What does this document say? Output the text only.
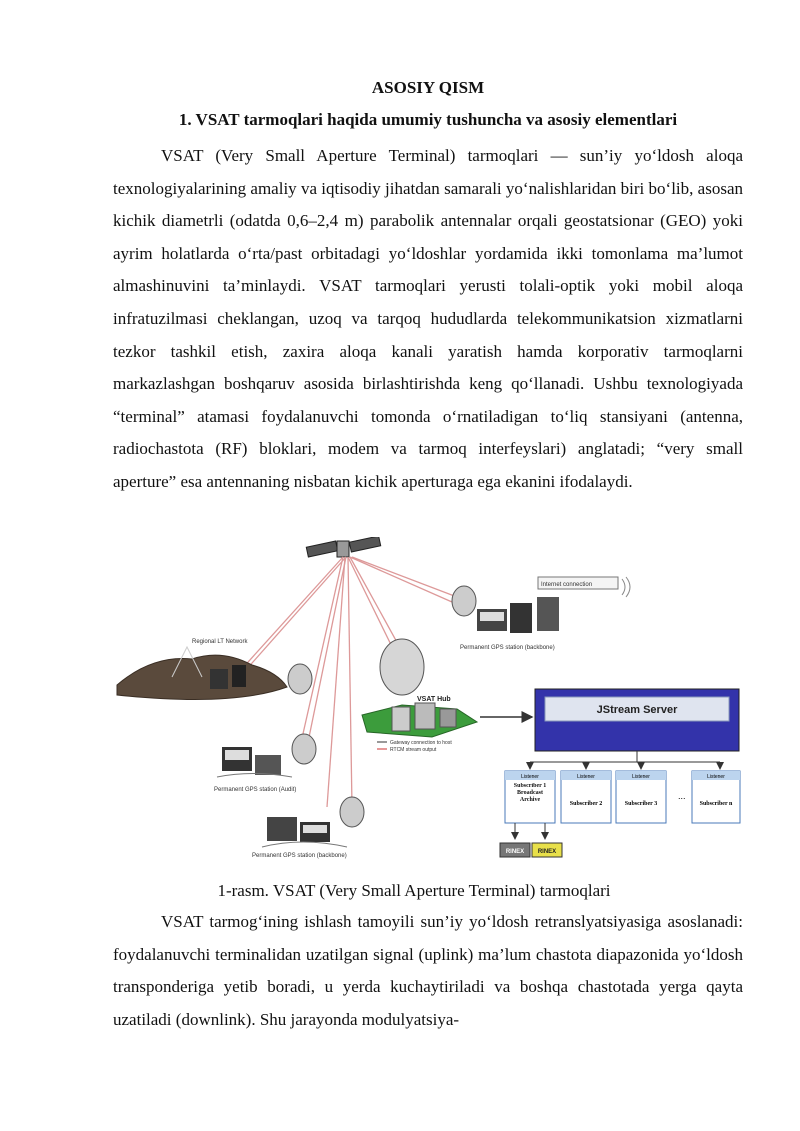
ASOSIY QISM
1. VSAT tarmoqlari haqida umumiy tushuncha va asosiy elementlari

VSAT (Very Small Aperture Terminal) tarmoqlari — sun’iy yo‘ldosh aloqa texnologiyalarining amaliy va iqtisodiy jihatdan samarali yo‘nalishlaridan biri bo‘lib, asosan kichik diametrli (odatda 0,6–2,4 m) parabolik antennalar orqali geostatsionar (GEO) yoki ayrim holatlarda o‘rta/past orbitadagi yo‘ldoshlar yordamida ikki tomonlama ma’lumot almashinuvini ta’minlaydi. VSAT tarmoqlari yerusti tolali-optik yoki mobil aloqa infratuzilmasi cheklangan, uzoq va tarqoq hududlarda telekommunikatsion xizmatlarni tezkor tashkil etish, zaxira aloqa kanali yaratish hamda korporativ tarmoqlarni markazlashgan boshqaruv asosida birlashtirishda keng qo‘llanadi. Ushbu texnologiyada “terminal” atamasi foydalanuvchi tomonda o‘rnatiladigan to‘liq stansiyani (antenna, radiochastota (RF) bloklari, modem va tarmoq interfeyslari) anglatadi; “very small aperture” esa antennaning nisbatan kichik aperturaga ega ekanini ifodalaydi.

Regional LT Network
Internet connection
Permanent GPS station (backbone)
VSAT Hub
Gateway connection to host
RTCM stream output
JStream Server
Listener
Subscriber 1 Broadcast Archive
Listener
Subscriber 2
Listener
Subscriber 3
...
Listener
Subscriber n
RINEX RINEX
Permanent GPS station (Audit)
Permanent GPS station (backbone)
1-rasm. VSAT (Very Small Aperture Terminal) tarmoqlari

VSAT tarmog‘ining ishlash tamoyili sun’iy yo‘ldosh retranslyatsiyasiga asoslanadi: foydalanuvchi terminalidan uzatilgan signal (uplink) ma’lum chastota diapazonida yo‘ldosh transponderiga yetib boradi, u yerda kuchaytiriladi va boshqa chastotada yerga qayta uzatiladi (downlink). Shu jarayonda modulyatsiya-
